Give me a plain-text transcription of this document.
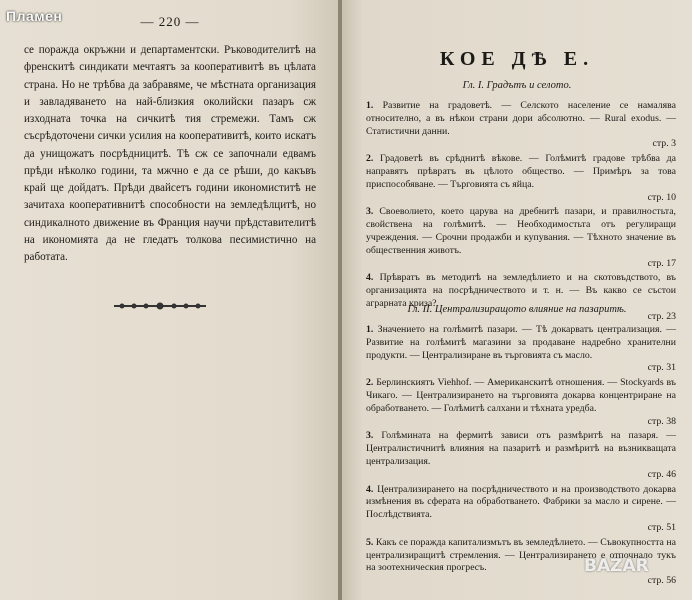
Пламен	— 220 —

се поражда окръжни и департаментски. Ръководителитѣ на френскитѣ синдикати мечтаятъ за кооперативитѣ въ цѣлата страна. Но не трѣбва да забравяме, че мѣстната организация и завладяването на най-близкия околийски пазаръ сж изходната точка на сичкитѣ тия стремежи. Тамъ сж съсрѣдоточени сички усилия на кооперативитѣ, които искатъ да унищожатъ посрѣдницитѣ. Тѣ сж се започнали едвамъ прѣди нѣколко години, та мжчно е да се рѣши, до какъвъ край ще дойдатъ. Прѣди двайсетъ години икономиститѣ не зачитаха кооперативнитѣ способности на земледѣлцитѣ, но синдикалното движение въ Франция научи прѣдставителитѣ на икономията да не гледатъ толкова песимистично на работата.

КОЕ ДѢ Е.
Гл. I. Градътъ и селото.
1. Развитие на градоветѣ. — Селското население се намалява относително, а въ нѣкои страни дори абсолютно. — Rural exodus. — Статистични данни.
стр. 3
2. Градоветѣ въ срѣднитѣ вѣкове. — Голѣмитѣ градове трѣбва да направятъ прѣвратъ въ цѣлото общество. — Примѣръ за това приспособяване. — Търговията съ яйца.
стр. 10
3. Своеволието, което царува на дребнитѣ пазари, и правилностьта, свойствена на голѣмитѣ. — Необходимостьта отъ регулиращи учреждения. — Срочни продажби и купувания. — Тѣхното значение въ общественния животъ.
стр. 17
4. Прѣвратъ въ методитѣ на земледѣлието и на скотовъдството, въ организацията на посрѣдничеството и т. н. — Въ какво се състои аграрната криза?
стр. 23
Гл. II. Централизиращото влияние на пазаритѣ.
1. Значението на голѣмитѣ пазари. — Тѣ докарватъ централизация. — Развитие на голѣмитѣ магазини за продаване надребно хранителни продукти. — Централизиране въ търговията съ масло.
стр. 31
2. Берлинскиятъ Viehhof. — Американскитѣ отношения. — Stockyards въ Чикаго. — Централизирането на търговията докарва концентриране на обработването. — Голѣмитѣ салхани и тѣхната уредба.
стр. 38
3. Голѣмината на фермитѣ зависи отъ размѣритѣ на пазаря. — Централистичнитѣ влияния на пазаритѣ и размѣритѣ на възникващата централизация.
стр. 46
4. Централизирането на посрѣдничеството и на производството докарва измѣнения въ сферата на обработването. Фабрики за масло и сирене. — Послѣдствията.
стр. 51
5. Какъ се поражда капитализмътъ въ земледѣлието. — Съвокупността на централизиращитѣ стремления. — Централизирането е отпочнало тукъ на зоотехническия прогресъ.
стр. 56
BAZAR
